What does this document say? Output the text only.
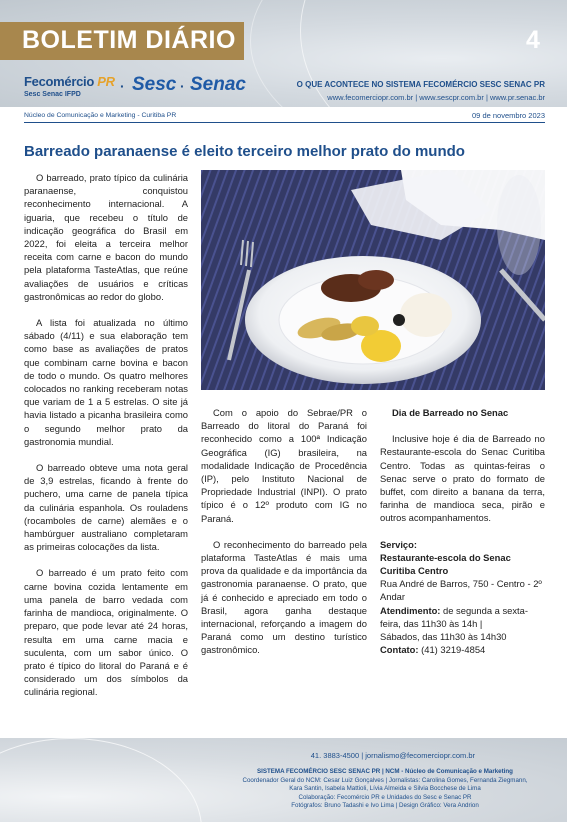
BOLETIM DIÁRIO	4
Fecomércio PR
Sesc Senac IFPD
· Sesc · Senac	O QUE ACONTECE NO SISTEMA FECOMÉRCIO SESC SENAC PR
www.fecomerciopr.com.br | www.sescpr.com.br | www.pr.senac.br
Núcleo de Comunicação e Marketing - Curitiba PR	09 de novembro 2023
Barreado paranaense é eleito terceiro melhor prato do mundo

O barreado, prato típico da culinária paranaense, conquistou reconhecimento internacional. A iguaria, que recebeu o título de indicação geográfica do Brasil em 2022, foi eleita a terceira melhor receita com carne e bacon do mundo pela plataforma TasteAtlas, que reúne avaliações de usuários e críticas gastronômicas ao redor do globo.

A lista foi atualizada no último sábado (4/11) e sua elaboração tem como base as avaliações de pratos que combinam carne bovina e bacon de todo o mundo. Os quatro melhores colocados no ranking receberam notas que variam de 1 a 5 estrelas. O site já havia listado a picanha brasileira como o segundo melhor prato da gastronomia mundial.

O barreado obteve uma nota geral de 3,9 estrelas, ficando à frente do puchero, uma carne de panela típica da culinária espanhola. Os rouladens (rocamboles de carne) alemães e o hambúrguer australiano completaram as primeiras colocações da lista.

O barreado é um prato feito com carne bovina cozida lentamente em uma panela de barro vedada com farinha de mandioca, originalmente. O preparo, que pode levar até 24 horas, resulta em uma carne macia e suculenta, com um sabor único. O prato é típico do litoral do Paraná e é considerado um dos símbolos da culinária regional.

Com o apoio do Sebrae/PR o Barreado do litoral do Paraná foi reconhecido como a 100ª Indicação Geográfica (IG) brasileira, na modalidade Indicação de Procedência (IP), pelo Instituto Nacional de Propriedade Industrial (INPI). O prato típico é o 12º produto com IG no Paraná.

O reconhecimento do barreado pela plataforma TasteAtlas é mais uma prova da qualidade e da importância da gastronomia paranaense. O prato, que já é conhecido e apreciado em todo o Brasil, agora ganha destaque internacional, reforçando a imagem do Paraná como um destino turístico gastronômico.

Dia de Barreado no Senac

Inclusive hoje é dia de Barreado no Restaurante-escola do Senac Curitiba Centro. Todas as quintas-feiras o Senac serve o prato do formato de buffet, com direito a banana da terra, farinha de mandioca seca, pirão e outros acompanhamentos.

Serviço:

Restaurante-escola do Senac Curitiba Centro

Rua André de Barros, 750 - Centro - 2º Andar

Atendimento: de segunda a sexta-feira, das 11h30 às 14h |

Sábados, das 11h30 às 14h30

Contato: (41) 3219-4854

41. 3883-4500 | jornalismo@fecomerciopr.com.br
SISTEMA FECOMÉRCIO SESC SENAC PR | NCM - Núcleo de Comunicação e Marketing
Coordenador Geral do NCM: Cesar Luiz Gonçalves | Jornalistas: Carolina Gomes, Fernanda Ziegmann,
Kara Santin, Isabela Mattioli, Lívia Almeida e Silvia Bocchese de Lima
Colaboração: Fecomércio PR e Unidades do Sesc e Senac PR
Fotógrafos: Bruno Tadashi e Ivo Lima | Design Gráfico: Vera Andrion
